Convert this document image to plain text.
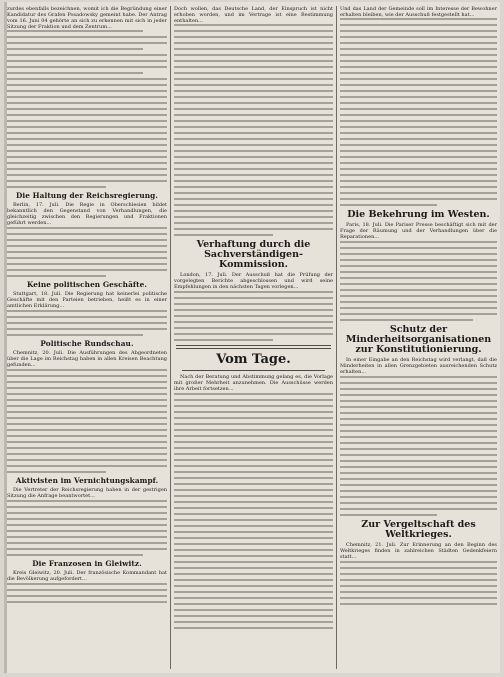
zurdes ebenfalls bezeichnen, womit ich die Begründung einer Kandidatur des Grafen Posadowsky gemeint habe. Der Antrag vom 16. Juni 04 gehörte an sich zu erkennen mit sich in jeder Sitzung der Fraktion und dem Zentrum...

Die Haltung der Reichsregierung.

Berlin, 17. Juli. Die Regie in Oberschlesien bildet bekanntlich den Gegenstand von Verhandlungen, die gleichzeitig zwischen den Regierungen und Fraktionen geführt werden...

Keine politischen Geschäfte.

Stuttgart, 18. Juli. Die Regierung hat keinerlei politische Geschäfte mit den Parteien betrieben, heißt es in einer amtlichen Erklärung...

Politische Rundschau.

Chemnitz, 20. Juli. Die Ausführungen des Abgeordneten über die Lage im Reichstag haben in allen Kreisen Beachtung gefunden...

Aktivisten im Vernichtungskampf.

Die Vertreter der Reichsregierung haben in der gestrigen Sitzung die Anfrage beantwortet...

Die Franzosen in Gleiwitz.

Kreis Gleiwitz, 20. Juli. Der französische Kommandant hat die Bevölkerung aufgefordert...

Doch wollen, das Deutsche Land, der Einspruch ist nicht erhoben worden, und im Vertrage ist eine Bestimmung enthalten...

Verhaftung durch die Sachverständigen-Kommission.

London, 17. Juli. Der Ausschuß hat die Prüfung der vorgelegten Berichte abgeschlossen und wird seine Empfehlungen in den nächsten Tagen vorlegen...

Vom Tage.

Nach der Beratung und Abstimmung gelang es, die Vorlage mit großer Mehrheit anzunehmen. Die Ausschüsse werden ihre Arbeit fortsetzen...

Und das Land der Gemeinde soll im Interesse der Bewohner erhalten bleiben, wie der Ausschuß festgestellt hat...

Die Bekehrung im Westen.

Paris, 18. Juli. Die Pariser Presse beschäftigt sich mit der Frage der Räumung und der Verhandlungen über die Reparationen...

Schutz der Minderheitsorganisationen zur Konstitutionierung.

In einer Eingabe an den Reichstag wird verlangt, daß die Minderheiten in allen Grenzgebieten ausreichenden Schutz erhalten...

Zur Vergeltschaft des Weltkrieges.

Chemnitz, 21. Juli. Zur Erinnerung an den Beginn des Weltkrieges finden in zahlreichen Städten Gedenkfeiern statt...
